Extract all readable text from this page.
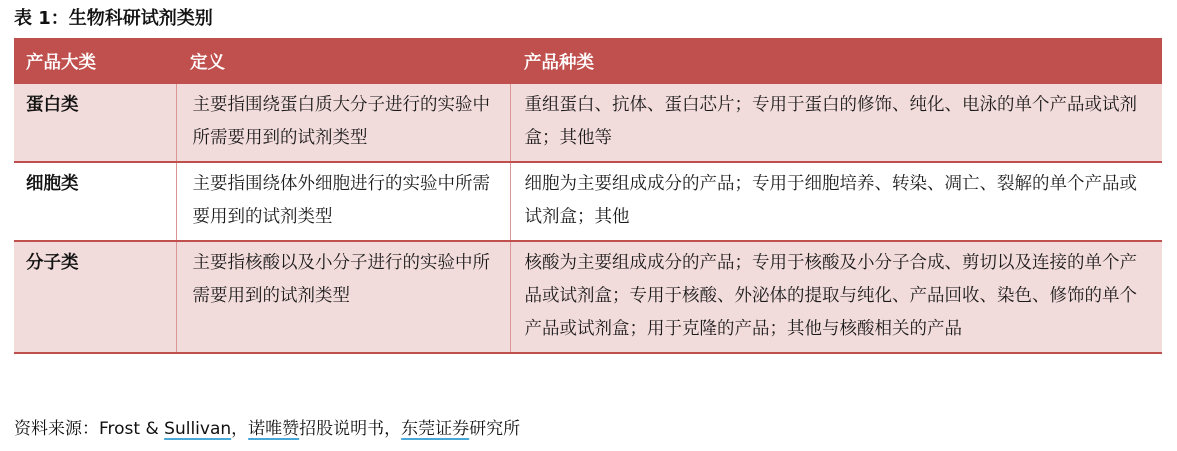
表 1：生物科研试剂类别
产品大类	定义	产品种类
蛋白类	主要指围绕蛋白质大分子进行的实验中所需要用到的试剂类型	重组蛋白、抗体、蛋白芯片；专用于蛋白的修饰、纯化、电泳的单个产品或试剂盒；其他等
细胞类	主要指围绕体外细胞进行的实验中所需要用到的试剂类型	细胞为主要组成成分的产品；专用于细胞培养、转染、凋亡、裂解的单个产品或试剂盒；其他
分子类	主要指核酸以及小分子进行的实验中所需要用到的试剂类型	核酸为主要组成成分的产品；专用于核酸及小分子合成、剪切以及连接的单个产品或试剂盒；专用于核酸、外泌体的提取与纯化、产品回收、染色、修饰的单个产品或试剂盒；用于克隆的产品；其他与核酸相关的产品
资料来源：Frost & Sullivan，诺唯赞招股说明书，东莞证券研究所
